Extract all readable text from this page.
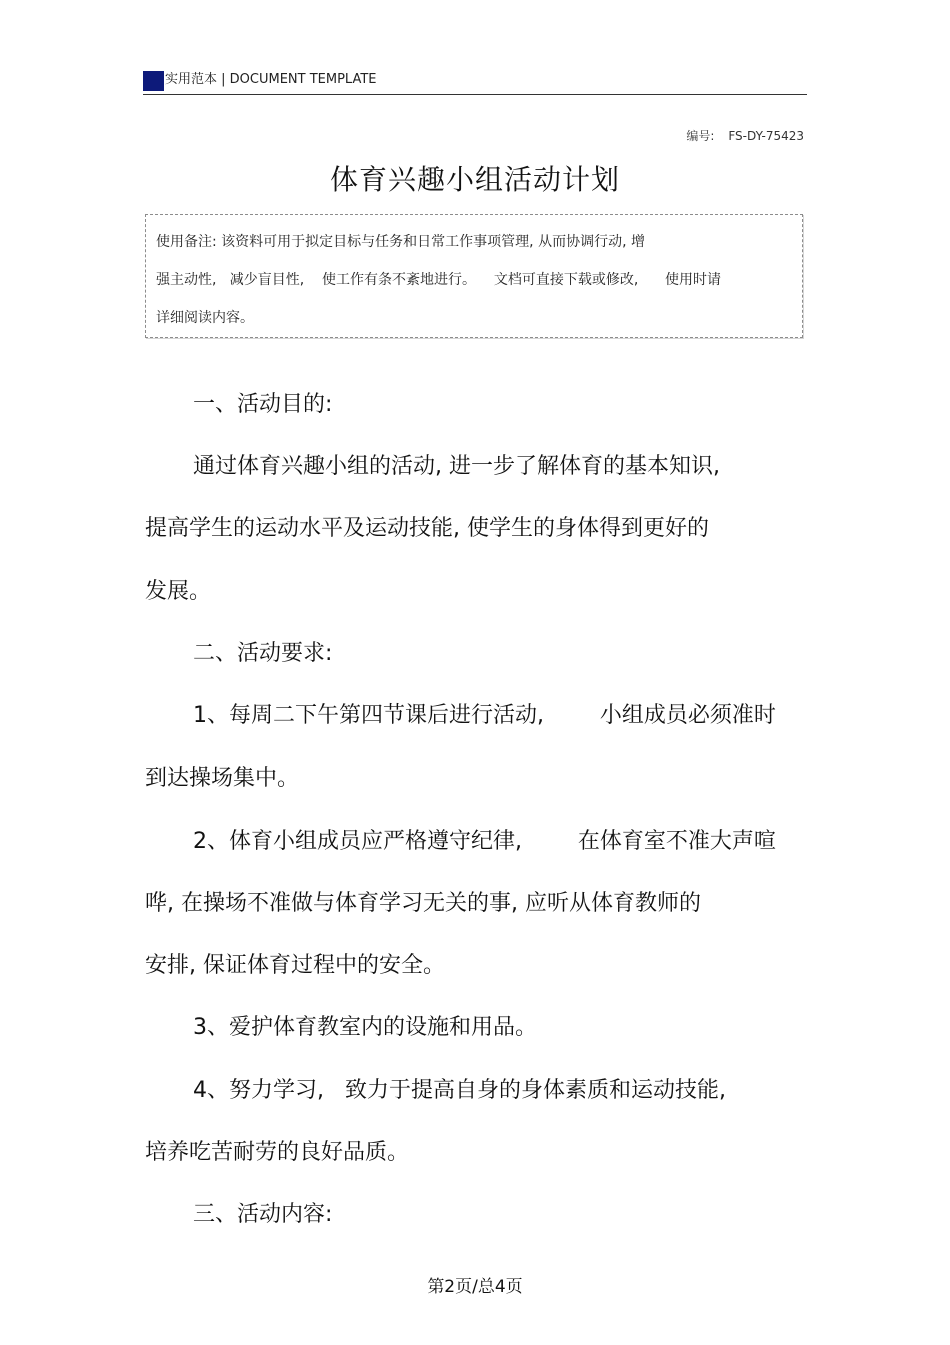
实用范本 | DOCUMENT TEMPLATE
编号: FS-DY-75423
体育兴趣小组活动计划
使用备注: 该资料可用于拟定目标与任务和日常工作事项管理, 从而协调行动, 增
强主动性,   减少盲目性,    使工作有条不紊地进行。    文档可直接下载或修改,      使用时请
详细阅读内容。
一、活动目的:
通过体育兴趣小组的活动, 进一步了解体育的基本知识,
提高学生的运动水平及运动技能, 使学生的身体得到更好的
发展。
二、活动要求:
1、每周二下午第四节课后进行活动,        小组成员必须准时
到达操场集中。
2、体育小组成员应严格遵守纪律,        在体育室不准大声喧
哗, 在操场不准做与体育学习无关的事, 应听从体育教师的
安排, 保证体育过程中的安全。
3、爱护体育教室内的设施和用品。
4、努力学习,   致力于提高自身的身体素质和运动技能,
培养吃苦耐劳的良好品质。
三、活动内容:
第2页/总4页
